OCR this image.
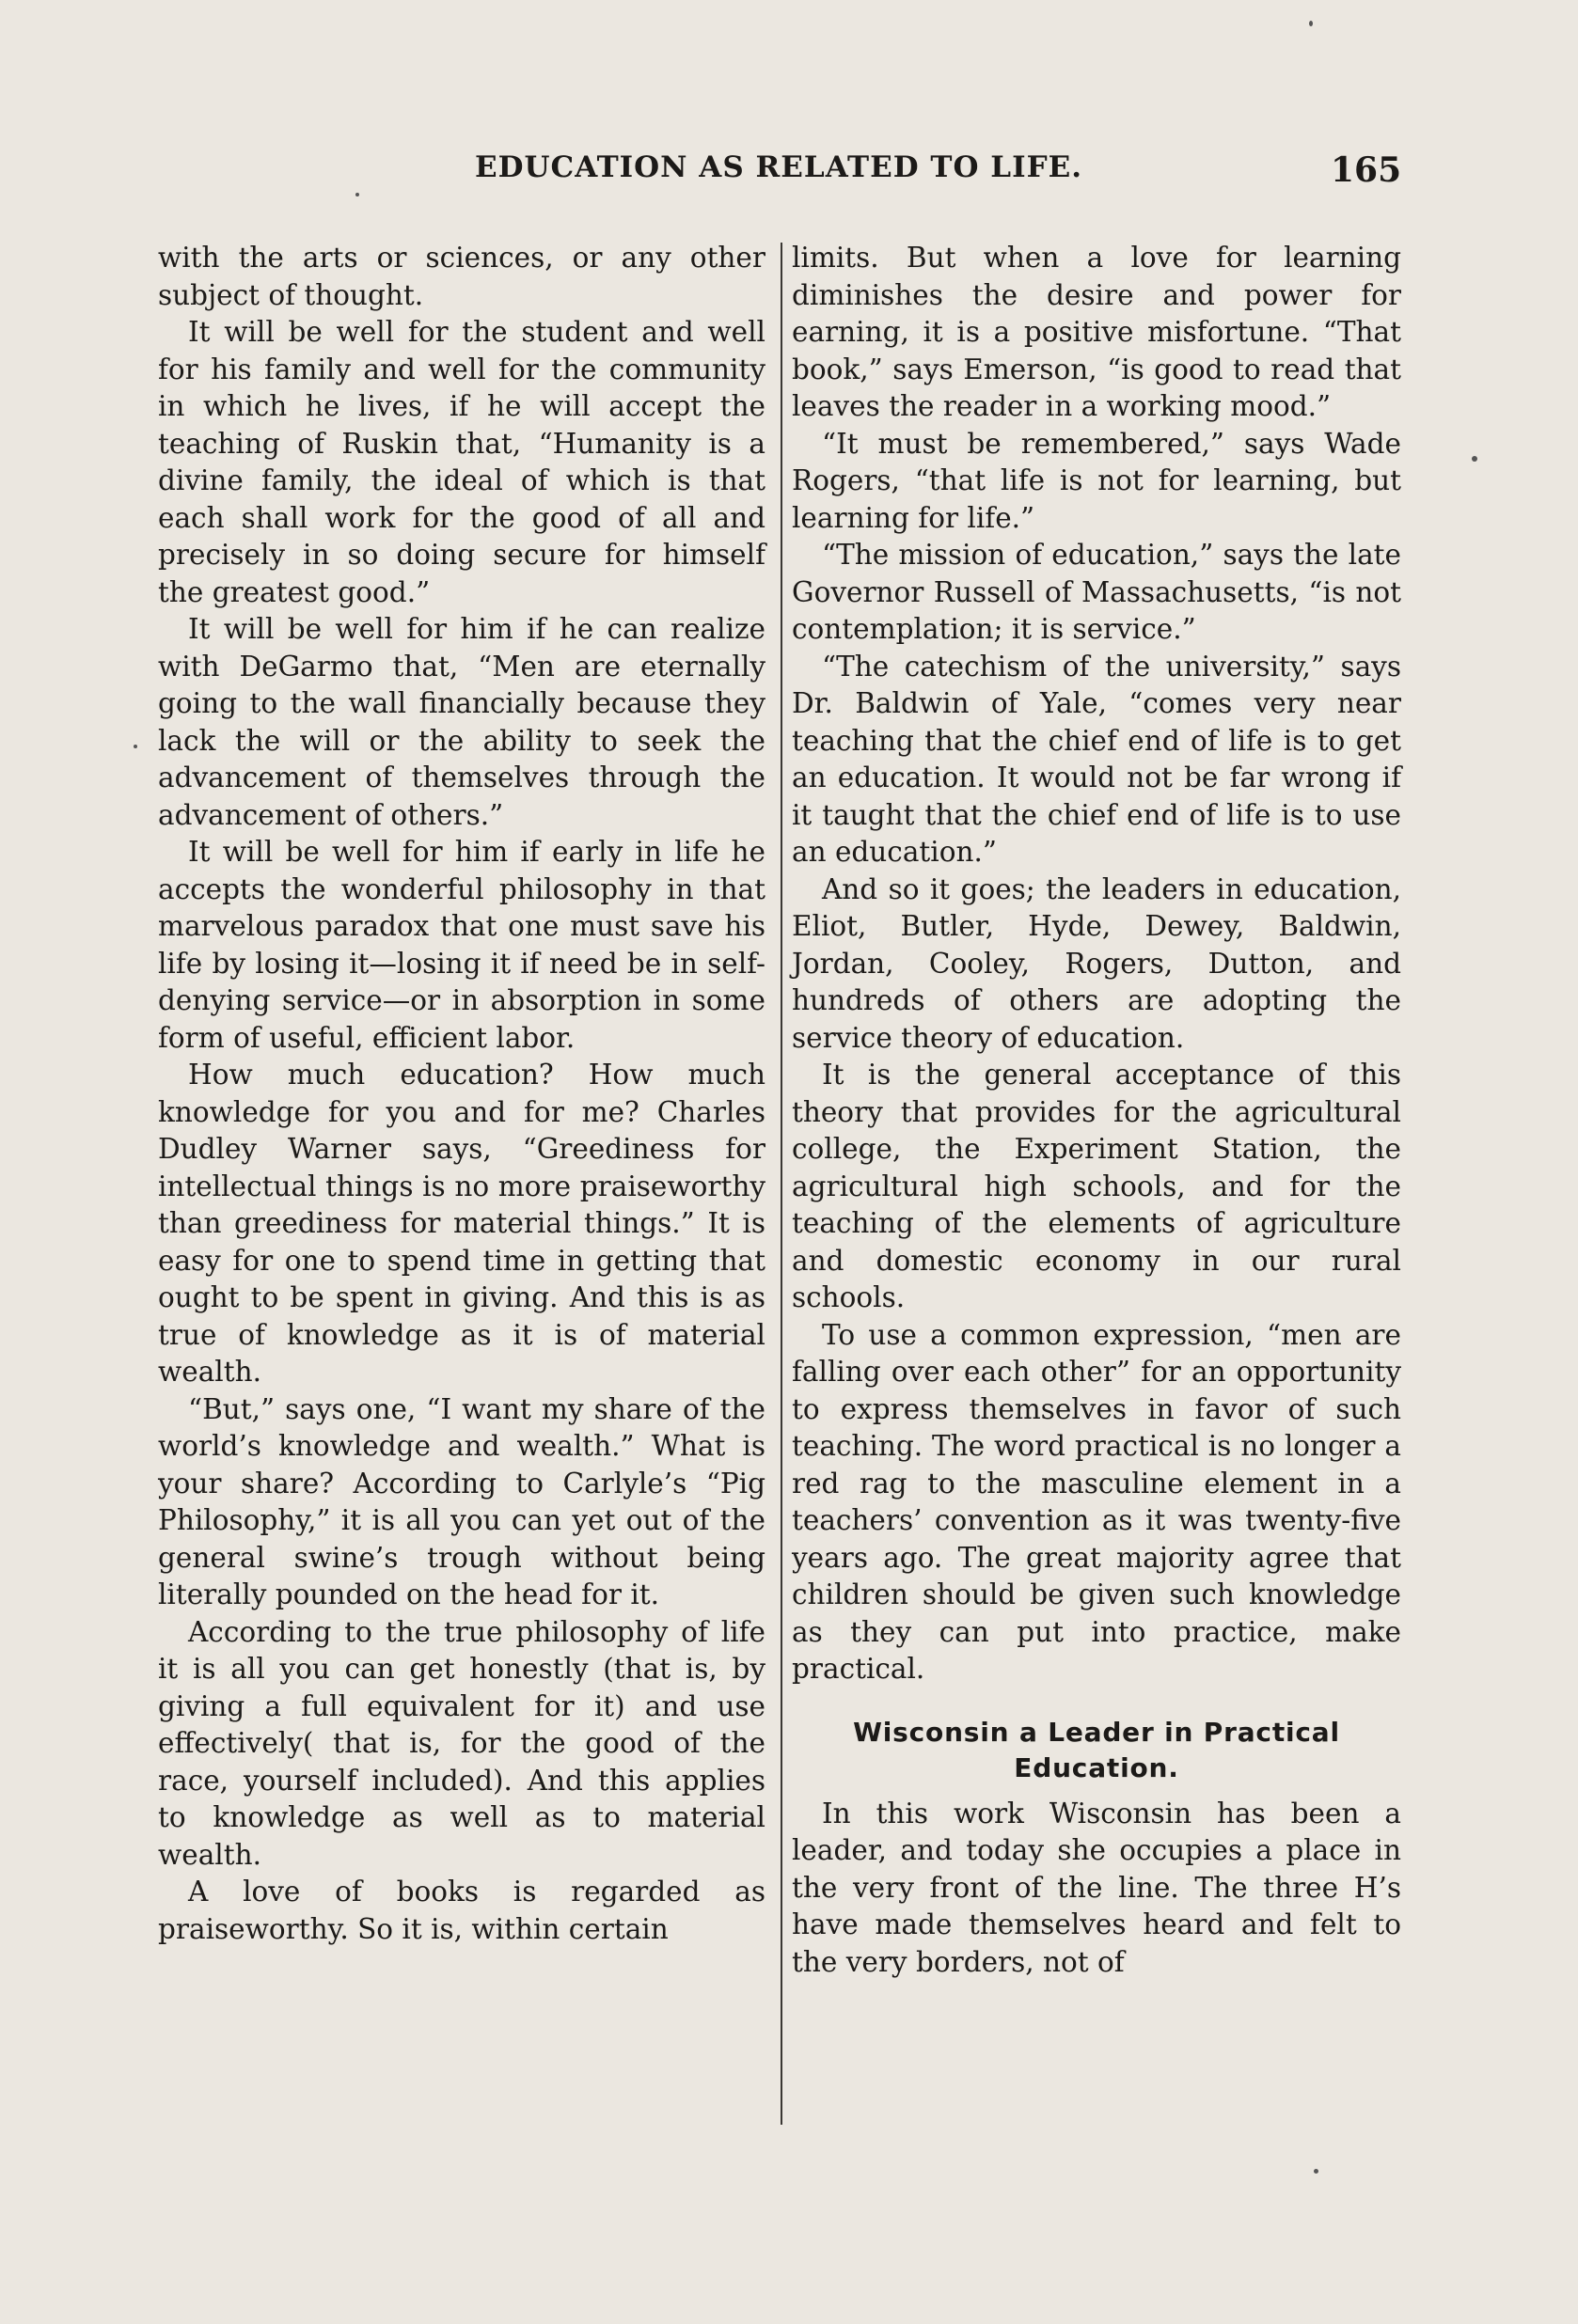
EDUCATION AS RELATED TO LIFE.	165

with the arts or sciences, or any other subject of thought.

It will be well for the student and well for his family and well for the community in which he lives, if he will accept the teaching of Ruskin that, “Humanity is a divine family, the ideal of which is that each shall work for the good of all and precisely in so doing secure for himself the greatest good.”

It will be well for him if he can realize with DeGarmo that, “Men are eternally going to the wall financially because they lack the will or the ability to seek the advancement of themselves through the advancement of others.”

It will be well for him if early in life he accepts the wonderful philosophy in that marvelous paradox that one must save his life by losing it—losing it if need be in self-denying service—or in absorption in some form of useful, efficient labor.

How much education? How much knowledge for you and for me? Charles Dudley Warner says, “Greediness for intellectual things is no more praiseworthy than greediness for material things.” It is easy for one to spend time in getting that ought to be spent in giving. And this is as true of knowledge as it is of material wealth.

“But,” says one, “I want my share of the world’s knowledge and wealth.” What is your share? According to Carlyle’s “Pig Philosophy,” it is all you can yet out of the general swine’s trough without being literally pounded on the head for it.

According to the true philosophy of life it is all you can get honestly (that is, by giving a full equivalent for it) and use effectively( that is, for the good of the race, yourself included). And this applies to knowledge as well as to material wealth.

A love of books is regarded as praiseworthy. So it is, within certain

limits. But when a love for learning diminishes the desire and power for earning, it is a positive misfortune. “That book,” says Emerson, “is good to read that leaves the reader in a working mood.”

“It must be remembered,” says Wade Rogers, “that life is not for learning, but learning for life.”

“The mission of education,” says the late Governor Russell of Massachusetts, “is not contemplation; it is service.”

“The catechism of the university,” says Dr. Baldwin of Yale, “comes very near teaching that the chief end of life is to get an education. It would not be far wrong if it taught that the chief end of life is to use an education.”

And so it goes; the leaders in education, Eliot, Butler, Hyde, Dewey, Baldwin, Jordan, Cooley, Rogers, Dutton, and hundreds of others are adopting the service theory of education.

It is the general acceptance of this theory that provides for the agricultural college, the Experiment Station, the agricultural high schools, and for the teaching of the elements of agriculture and domestic economy in our rural schools.

To use a common expression, “men are falling over each other” for an opportunity to express themselves in favor of such teaching. The word practical is no longer a red rag to the masculine element in a teachers’ convention as it was twenty-five years ago. The great majority agree that children should be given such knowledge as they can put into practice, make practical.

Wisconsin a Leader in Practical Education.

In this work Wisconsin has been a leader, and today she occupies a place in the very front of the line. The three H’s have made themselves heard and felt to the very borders, not of
